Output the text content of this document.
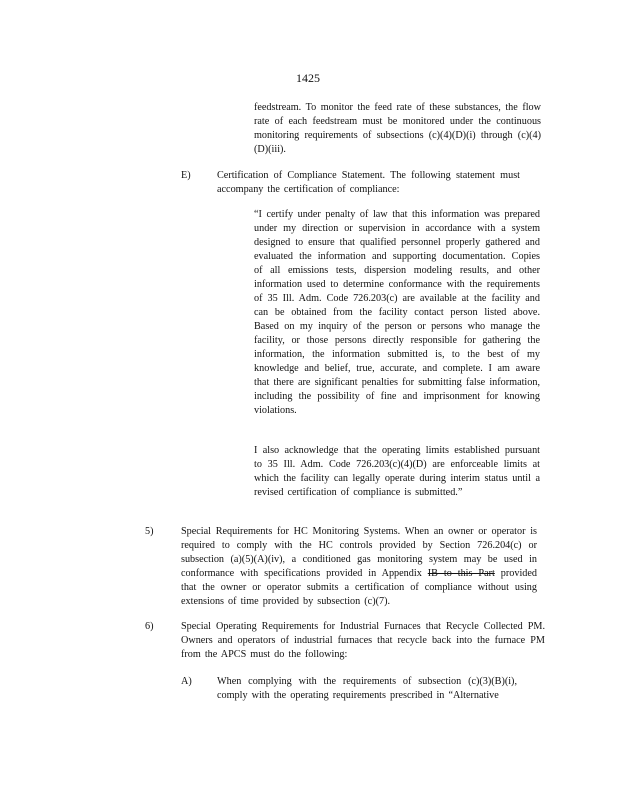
1425

feedstream. To monitor the feed rate of these substances, the flow rate of each feedstream must be monitored under the continuous monitoring requirements of subsections (c)(4)(D)(i) through (c)(4)(D)(iii).

E)	Certification of Compliance Statement. The following statement must accompany the certification of compliance:

“I certify under penalty of law that this information was prepared under my direction or supervision in accordance with a system designed to ensure that qualified personnel properly gathered and evaluated the information and supporting documentation. Copies of all emissions tests, dispersion modeling results, and other information used to determine conformance with the requirements of 35 Ill. Adm. Code 726.203(c) are available at the facility and can be obtained from the facility contact person listed above. Based on my inquiry of the person or persons who manage the facility, or those persons directly responsible for gathering the information, the information submitted is, to the best of my knowledge and belief, true, accurate, and complete. I am aware that there are significant penalties for submitting false information, including the possibility of fine and imprisonment for knowing violations.

I also acknowledge that the operating limits established pursuant to 35 Ill. Adm. Code 726.203(c)(4)(D) are enforceable limits at which the facility can legally operate during interim status until a revised certification of compliance is submitted.”

5)	Special Requirements for HC Monitoring Systems. When an owner or operator is required to comply with the HC controls provided by Section 726.204(c) or subsection (a)(5)(A)(iv), a conditioned gas monitoring system may be used in conformance with specifications provided in Appendix IB to this Part provided that the owner or operator submits a certification of compliance without using extensions of time provided by subsection (c)(7).

6)	Special Operating Requirements for Industrial Furnaces that Recycle Collected PM. Owners and operators of industrial furnaces that recycle back into the furnace PM from the APCS must do the following:

A) When complying with the requirements of subsection (c)(3)(B)(i), comply with the operating requirements prescribed in “Alternative
